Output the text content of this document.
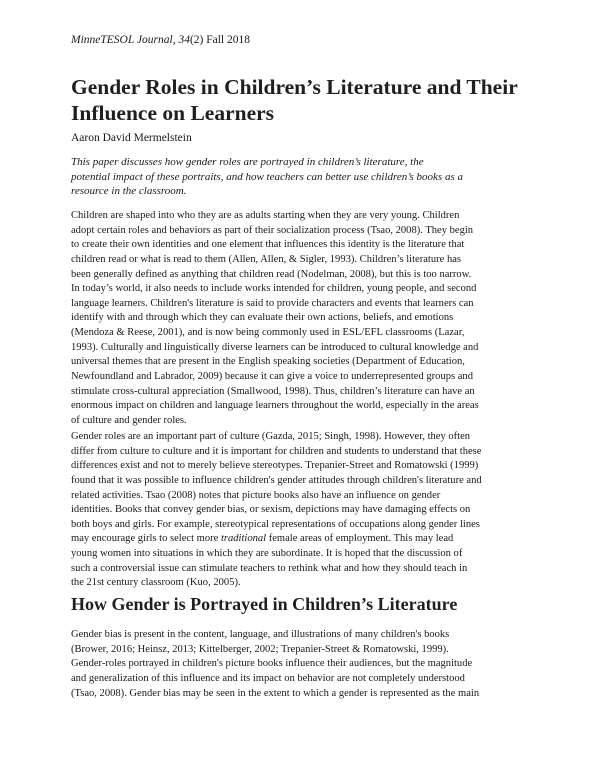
MinneTESOL Journal, 34(2) Fall 2018
Gender Roles in Children’s Literature and Their
Influence on Learners
Aaron David Mermelstein

This paper discusses how gender roles are portrayed in children’s literature, the
potential impact of these portraits, and how teachers can better use children’s books as a
resource in the classroom.

Children are shaped into who they are as adults starting when they are very young. Children
adopt certain roles and behaviors as part of their socialization process (Tsao, 2008). They begin
to create their own identities and one element that influences this identity is the literature that
children read or what is read to them (Allen, Allen, & Sigler, 1993). Children’s literature has
been generally defined as anything that children read (Nodelman, 2008), but this is too narrow.
In today’s world, it also needs to include works intended for children, young people, and second
language learners. Children's literature is said to provide characters and events that learners can
identify with and through which they can evaluate their own actions, beliefs, and emotions
(Mendoza & Reese, 2001), and is now being commonly used in ESL/EFL classrooms (Lazar,
1993). Culturally and linguistically diverse learners can be introduced to cultural knowledge and
universal themes that are present in the English speaking societies (Department of Education,
Newfoundland and Labrador, 2009) because it can give a voice to underrepresented groups and
stimulate cross-cultural appreciation (Smallwood, 1998). Thus, children’s literature can have an
enormous impact on children and language learners throughout the world, especially in the areas
of culture and gender roles.

Gender roles are an important part of culture (Gazda, 2015; Singh, 1998). However, they often
differ from culture to culture and it is important for children and students to understand that these
differences exist and not to merely believe stereotypes. Trepanier-Street and Romatowski (1999)
found that it was possible to influence children's gender attitudes through children's literature and
related activities. Tsao (2008) notes that picture books also have an influence on gender
identities. Books that convey gender bias, or sexism, depictions may have damaging effects on
both boys and girls. For example, stereotypical representations of occupations along gender lines
may encourage girls to select more traditional female areas of employment. This may lead
young women into situations in which they are subordinate. It is hoped that the discussion of
such a controversial issue can stimulate teachers to rethink what and how they should teach in
the 21st century classroom (Kuo, 2005).

How Gender is Portrayed in Children’s Literature

Gender bias is present in the content, language, and illustrations of many children's books
(Brower, 2016; Heinsz, 2013; Kittelberger, 2002; Trepanier-Street & Romatowski, 1999).
Gender-roles portrayed in children's picture books influence their audiences, but the magnitude
and generalization of this influence and its impact on behavior are not completely understood
(Tsao, 2008). Gender bias may be seen in the extent to which a gender is represented as the main
